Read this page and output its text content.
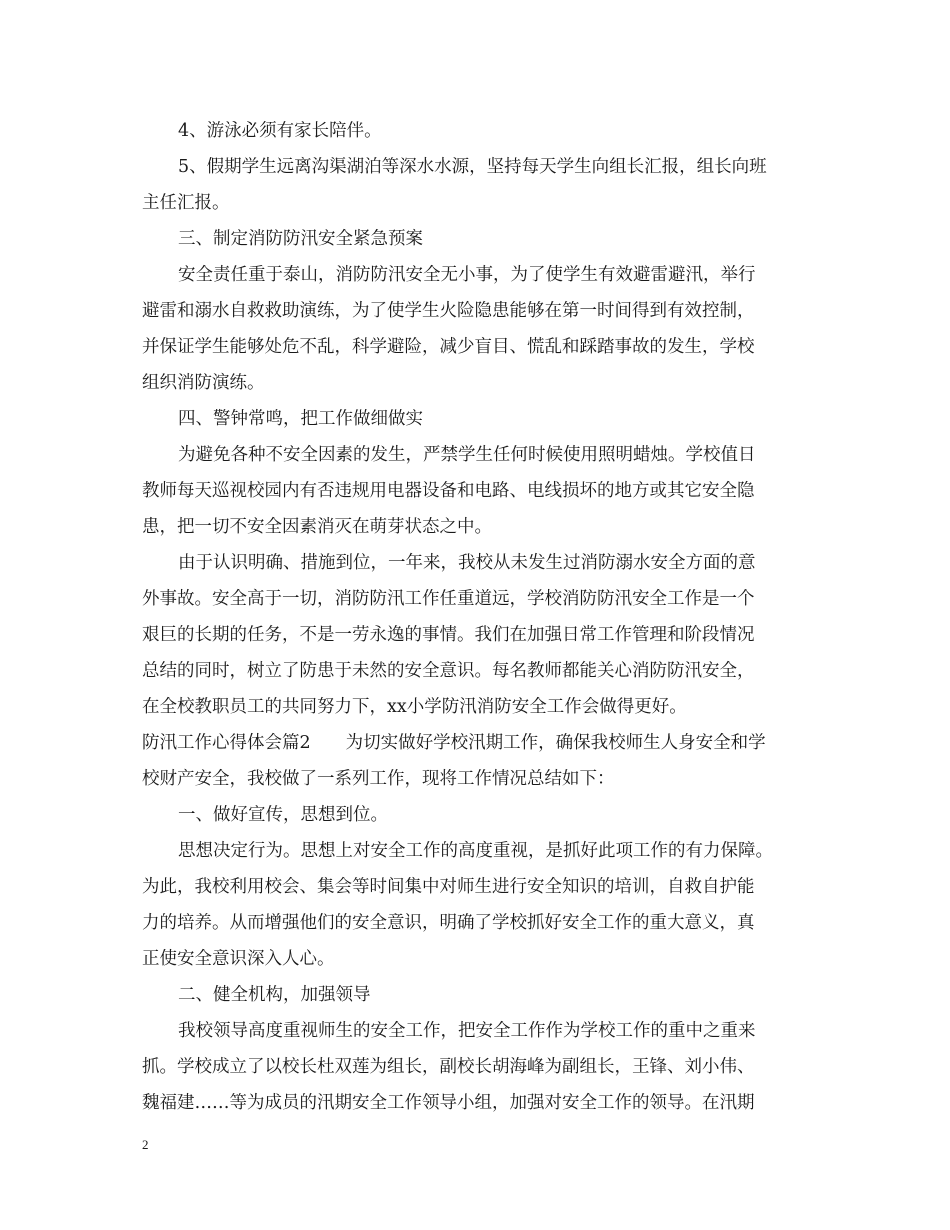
4、游泳必须有家长陪伴。
5、假期学生远离沟渠湖泊等深水水源，坚持每天学生向组长汇报，组长向班
主任汇报。
三、制定消防防汛安全紧急预案
安全责任重于泰山，消防防汛安全无小事，为了使学生有效避雷避汛，举行
避雷和溺水自救救助演练，为了使学生火险隐患能够在第一时间得到有效控制，
并保证学生能够处危不乱，科学避险，减少盲目、慌乱和踩踏事故的发生，学校
组织消防演练。
四、警钟常鸣，把工作做细做实
为避免各种不安全因素的发生，严禁学生任何时候使用照明蜡烛。学校值日
教师每天巡视校园内有否违规用电器设备和电路、电线损坏的地方或其它安全隐
患，把一切不安全因素消灭在萌芽状态之中。
由于认识明确、措施到位，一年来，我校从未发生过消防溺水安全方面的意
外事故。安全高于一切，消防防汛工作任重道远，学校消防防汛安全工作是一个
艰巨的长期的任务，不是一劳永逸的事情。我们在加强日常工作管理和阶段情况
总结的同时，树立了防患于未然的安全意识。每名教师都能关心消防防汛安全，
在全校教职员工的共同努力下，xx小学防汛消防安全工作会做得更好。
防汛工作心得体会篇2　　为切实做好学校汛期工作，确保我校师生人身安全和学
校财产安全，我校做了一系列工作，现将工作情况总结如下：
一、做好宣传，思想到位。
思想决定行为。思想上对安全工作的高度重视，是抓好此项工作的有力保障。
为此，我校利用校会、集会等时间集中对师生进行安全知识的培训，自救自护能
力的培养。从而增强他们的安全意识，明确了学校抓好安全工作的重大意义，真
正使安全意识深入人心。
二、健全机构，加强领导
我校领导高度重视师生的安全工作，把安全工作作为学校工作的重中之重来
抓。学校成立了以校长杜双莲为组长，副校长胡海峰为副组长，王锋、刘小伟、
魏福建……等为成员的汛期安全工作领导小组，加强对安全工作的领导。在汛期
2
